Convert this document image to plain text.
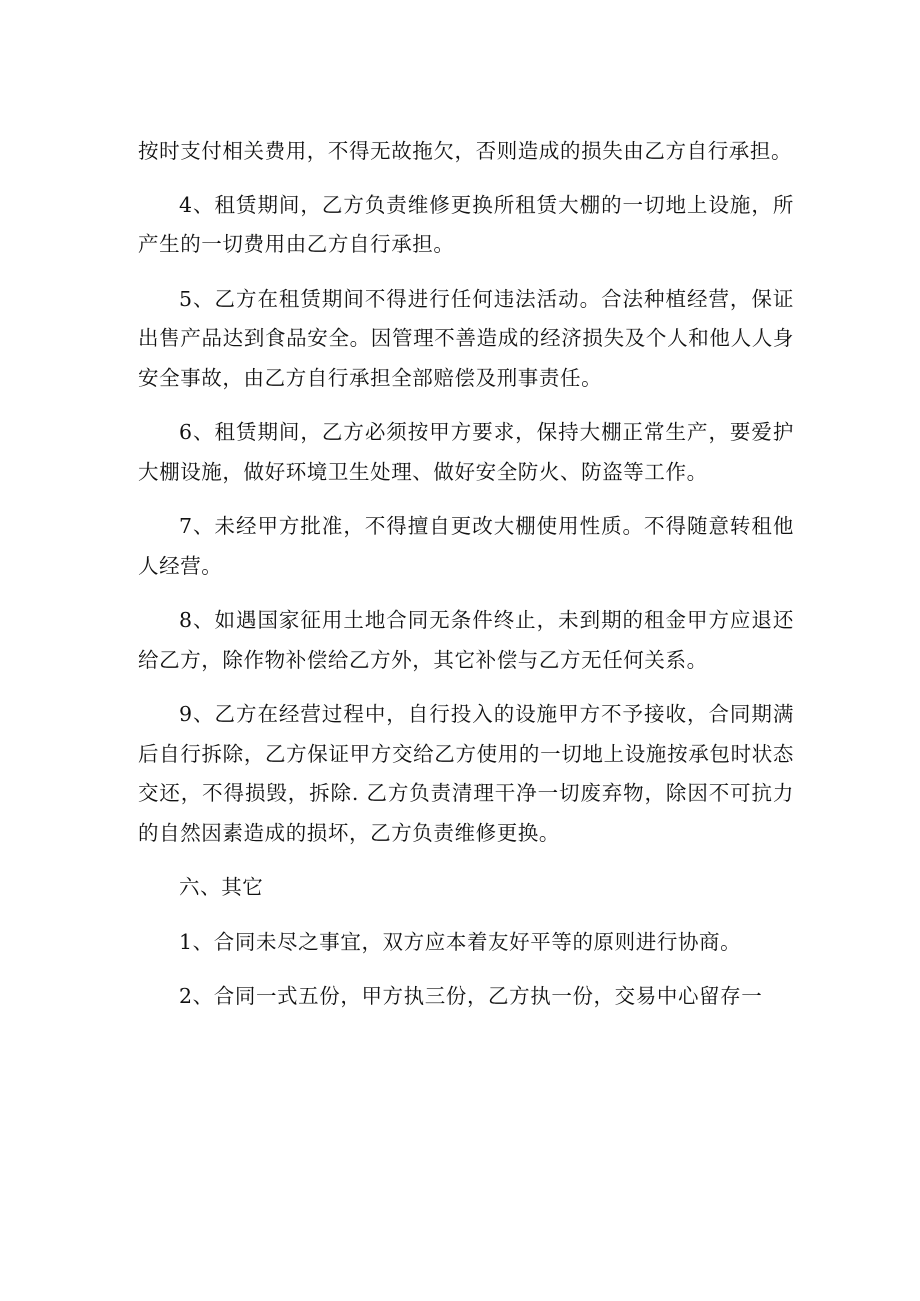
按时支付相关费用，不得无故拖欠，否则造成的损失由乙方自行承担。

4、租赁期间，乙方负责维修更换所租赁大棚的一切地上设施，所产生的一切费用由乙方自行承担。

5、乙方在租赁期间不得进行任何违法活动。合法种植经营，保证出售产品达到食品安全。因管理不善造成的经济损失及个人和他人人身安全事故，由乙方自行承担全部赔偿及刑事责任。

6、租赁期间，乙方必须按甲方要求，保持大棚正常生产，要爱护大棚设施，做好环境卫生处理、做好安全防火、防盗等工作。

7、未经甲方批准，不得擅自更改大棚使用性质。不得随意转租他人经营。

8、如遇国家征用土地合同无条件终止，未到期的租金甲方应退还给乙方，除作物补偿给乙方外，其它补偿与乙方无任何关系。

9、乙方在经营过程中，自行投入的设施甲方不予接收，合同期满后自行拆除，乙方保证甲方交给乙方使用的一切地上设施按承包时状态交还，不得损毁，拆除. 乙方负责清理干净一切废弃物，除因不可抗力的自然因素造成的损坏，乙方负责维修更换。

六、其它

1、合同未尽之事宜，双方应本着友好平等的原则进行协商。

2、合同一式五份，甲方执三份，乙方执一份，交易中心留存一
